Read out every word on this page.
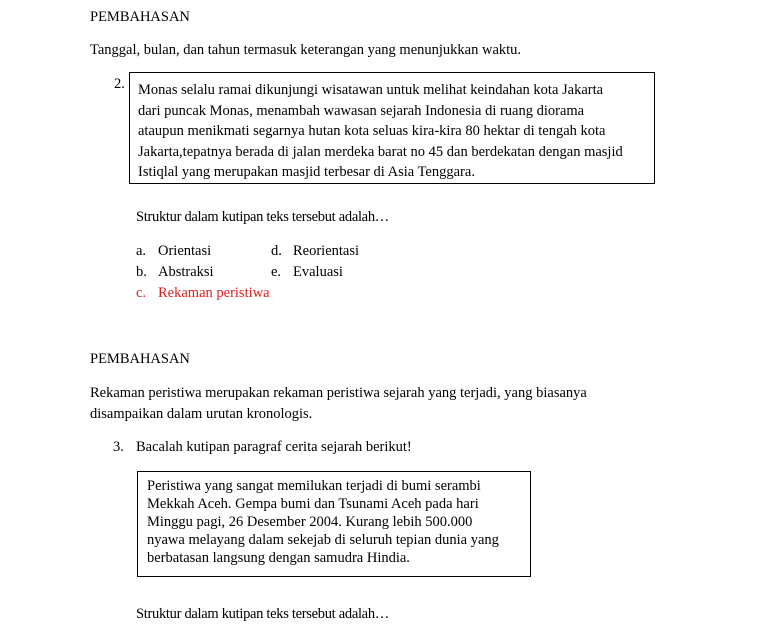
PEMBAHASAN
Tanggal, bulan, dan tahun termasuk keterangan yang menunjukkan waktu.
2. Monas selalu ramai dikunjungi wisatawan untuk melihat keindahan kota Jakarta
dari puncak Monas, menambah wawasan sejarah Indonesia di ruang diorama
ataupun menikmati segarnya hutan kota seluas kira-kira 80 hektar di tengah kota
Jakarta,tepatnya berada di jalan merdeka barat no 45 dan berdekatan dengan masjid
Istiqlal yang merupakan masjid terbesar di Asia Tenggara.
Struktur dalam kutipan teks tersebut adalah…
a. Orientasi
b. Abstraksi
c. Rekaman peristiwa
d. Reorientasi
e. Evaluasi
PEMBAHASAN
Rekaman peristiwa merupakan rekaman peristiwa sejarah yang terjadi, yang biasanya
disampaikan dalam urutan kronologis.
3. Bacalah kutipan paragraf cerita sejarah berikut!
Peristiwa yang sangat memilukan terjadi di bumi serambi
Mekkah Aceh. Gempa bumi dan Tsunami Aceh pada hari
Minggu pagi, 26 Desember 2004. Kurang lebih 500.000
nyawa melayang dalam sekejab di seluruh tepian dunia yang
berbatasan langsung dengan samudra Hindia.
Struktur dalam kutipan teks tersebut adalah…
